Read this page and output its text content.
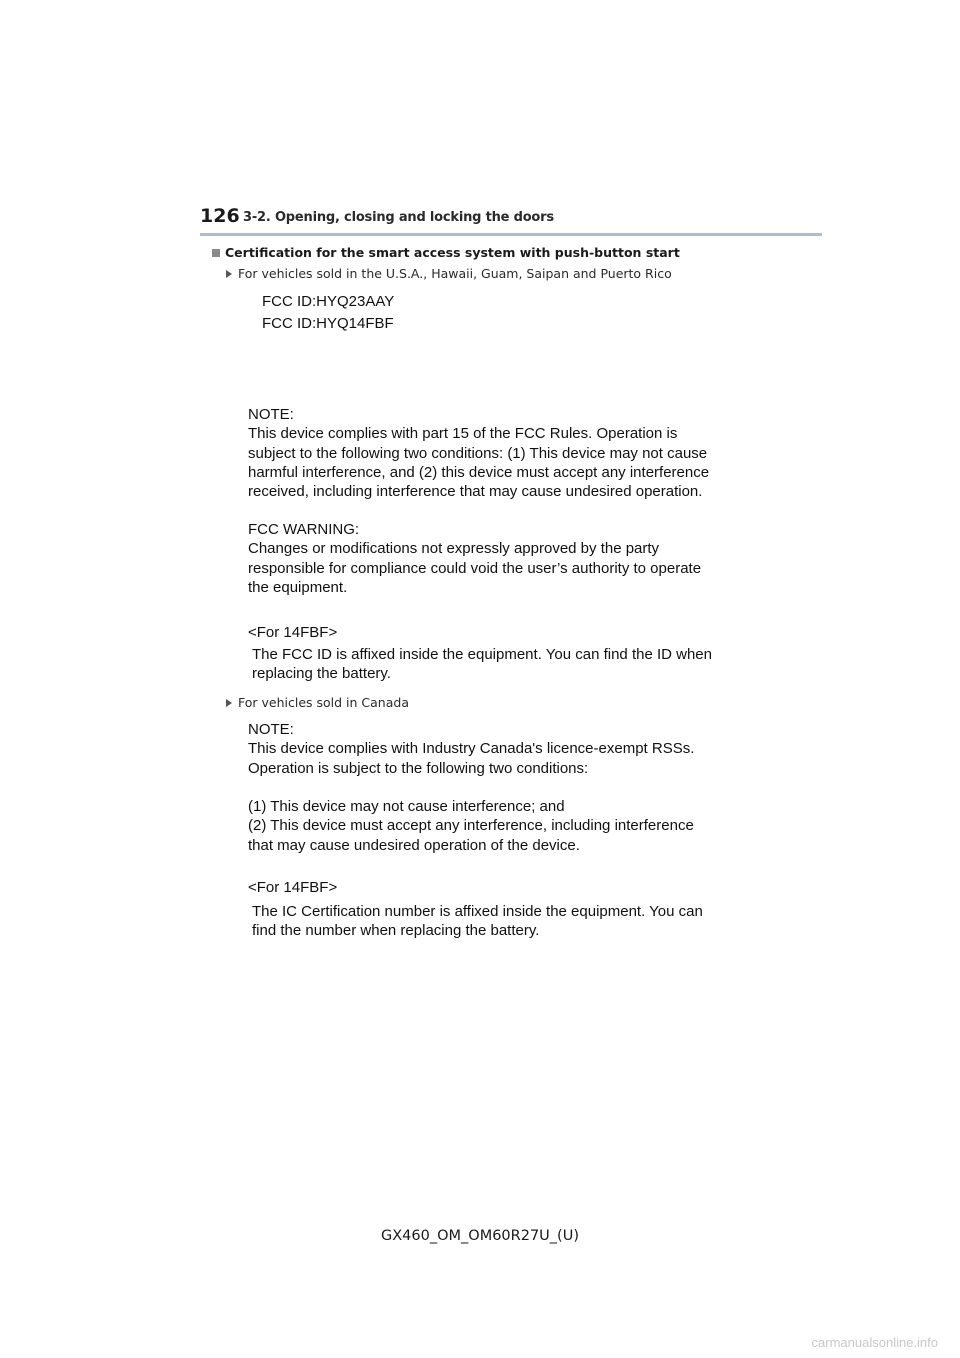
126 3-2. Opening, closing and locking the doors
Certification for the smart access system with push-button start
For vehicles sold in the U.S.A., Hawaii, Guam, Saipan and Puerto Rico
FCC ID:HYQ23AAY
FCC ID:HYQ14FBF
NOTE:
This device complies with part 15 of the FCC Rules. Operation is
subject to the following two conditions: (1) This device may not cause
harmful interference, and (2) this device must accept any interference
received, including interference that may cause undesired operation.
FCC WARNING:
Changes or modifications not expressly approved by the party
responsible for compliance could void the user’s authority to operate
the equipment.
<For 14FBF>
The FCC ID is affixed inside the equipment. You can find the ID when
replacing the battery.
For vehicles sold in Canada
NOTE:
This device complies with Industry Canada's licence-exempt RSSs.
Operation is subject to the following two conditions:
(1) This device may not cause interference; and
(2) This device must accept any interference, including interference
that may cause undesired operation of the device.
<For 14FBF>
The IC Certification number is affixed inside the equipment. You can
find the number when replacing the battery.
GX460_OM_OM60R27U_(U)
carmanualsonline.info
